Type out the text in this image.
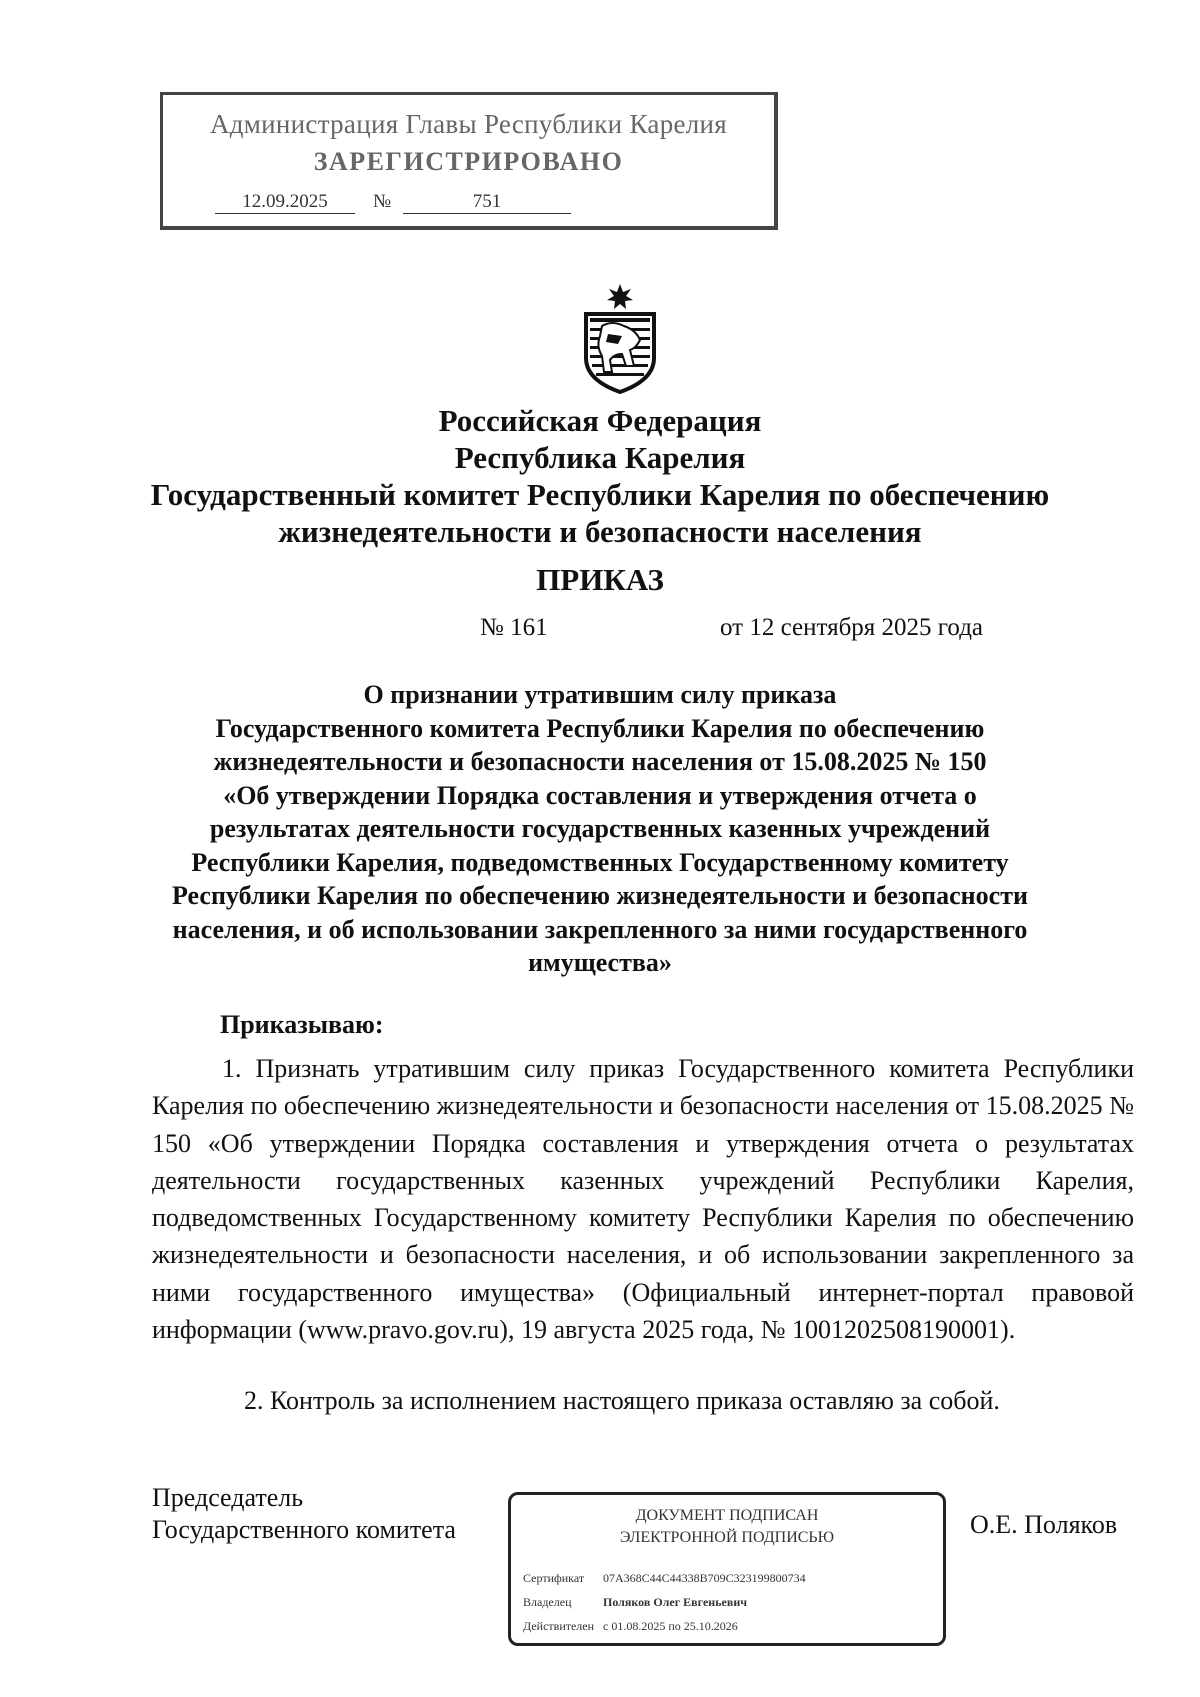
Администрация Главы Республики Карелия
ЗАРЕГИСТРИРОВАНО
12.09.2025	№	751
Российская Федерация
Республика Карелия
Государственный комитет Республики Карелия по обеспечению
жизнедеятельности и безопасности населения
ПРИКАЗ
№ 161	от 12 сентября 2025 года
О признании утратившим силу приказа
Государственного комитета Республики Карелия по обеспечению
жизнедеятельности и безопасности населения от 15.08.2025 № 150
«Об утверждении Порядка составления и утверждения отчета о
результатах деятельности государственных казенных учреждений
Республики Карелия, подведомственных Государственному комитету
Республики Карелия по обеспечению жизнедеятельности и безопасности
населения, и об использовании закрепленного за ними государственного
имущества»
Приказываю:
1. Признать утратившим силу приказ Государственного комитета Республики Карелия по обеспечению жизнедеятельности и безопасности населения от 15.08.2025 № 150 «Об утверждении Порядка составления и утверждения отчета о результатах деятельности государственных казенных учреждений Республики Карелия, подведомственных Государственному комитету Республики Карелия по обеспечению жизнедеятельности и безопасности населения, и об использовании закрепленного за ними государственного имущества» (Официальный интернет-портал правовой информации (www.pravo.gov.ru), 19 августа 2025 года, № 1001202508190001).
2. Контроль за исполнением настоящего приказа оставляю за собой.
Председатель
Государственного комитета	О.Е. Поляков
ДОКУМЕНТ ПОДПИСАН
ЭЛЕКТРОННОЙ ПОДПИСЬЮ
Сертификат 07A368C44C44338B709C323199800734
Владелец	Поляков Олег Евгеньевич
Действителен с 01.08.2025 по 25.10.2026
